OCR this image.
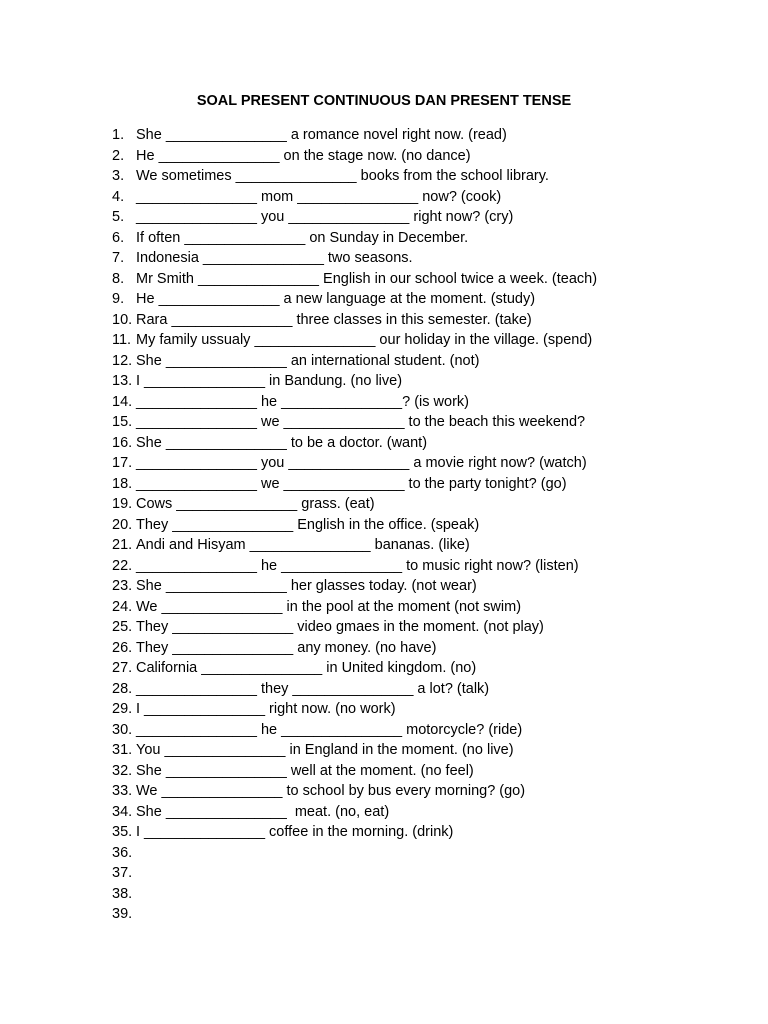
SOAL PRESENT CONTINUOUS DAN PRESENT TENSE
1. She _______________ a romance novel right now. (read)
2. He _______________ on the stage now. (no dance)
3. We sometimes _______________ books from the school library.
4. _______________ mom _______________ now? (cook)
5. _______________ you _______________ right now? (cry)
6. If often _______________ on Sunday in December.
7. Indonesia _______________ two seasons.
8. Mr Smith _______________ English in our school twice a week. (teach)
9. He _______________ a new language at the moment. (study)
10. Rara _______________ three classes in this semester. (take)
11. My family ussualy _______________ our holiday in the village. (spend)
12. She _______________ an international student. (not)
13. I _______________ in Bandung. (no live)
14. _______________ he _______________? (is work)
15. _______________ we _______________ to the beach this weekend?
16. She _______________ to be a doctor. (want)
17. _______________ you _______________ a movie right now? (watch)
18. _______________ we _______________ to the party tonight? (go)
19. Cows _______________ grass. (eat)
20. They _______________ English in the office. (speak)
21. Andi and Hisyam _______________ bananas. (like)
22. _______________ he _______________ to music right now? (listen)
23. She _______________ her glasses today. (not wear)
24. We _______________ in the pool at the moment (not swim)
25. They _______________ video gmaes in the moment. (not play)
26. They _______________ any money. (no have)
27. California _______________ in United kingdom. (no)
28. _______________ they _______________ a lot? (talk)
29. I _______________ right now. (no work)
30. _______________ he _______________ motorcycle? (ride)
31. You _______________ in England in the moment. (no live)
32. She _______________ well at the moment. (no feel)
33. We _______________ to school by bus every morning? (go)
34. She _______________  meat. (no, eat)
35. I _______________ coffee in the morning. (drink)
36.
37.
38.
39.
